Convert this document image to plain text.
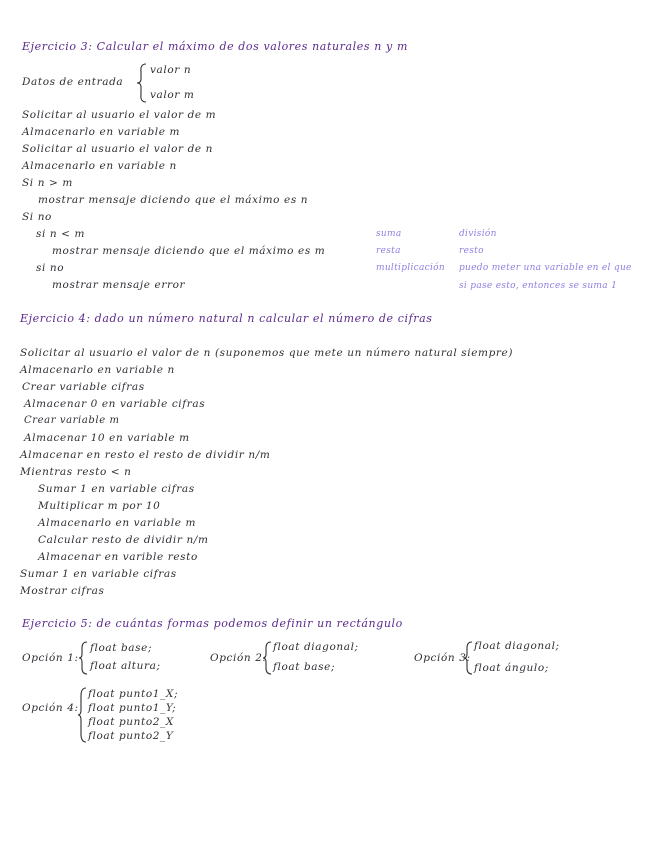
Ejercicio 3: Calcular el máximo de dos valores naturales n y m
Datos de entrada
valor n
valor m
Solicitar al usuario el valor de m
Almacenarlo en variable m
Solicitar al usuario el valor de n
Almacenarlo en variable n
Si n > m
mostrar mensaje diciendo que el máximo es n
Si no
si n < m
mostrar mensaje diciendo que el máximo es m
si no
mostrar mensaje error
suma
resta
multiplicación
división
resto
puedo meter una variable en el que
si pase esto, entonces se suma 1
Ejercicio 4: dado un número natural n calcular el número de cifras
Solicitar al usuario el valor de n (suponemos que mete un número natural siempre)
Almacenarlo en variable n
Crear variable cifras
Almacenar 0 en variable cifras
Crear variable m
Almacenar 10 en variable m
Almacenar en resto el resto de dividir n/m
Mientras resto < n
Sumar 1 en variable cifras
Multiplicar m por 10
Almacenarlo en variable m
Calcular resto de dividir n/m
Almacenar en varible resto
Sumar 1 en variable cifras
Mostrar cifras
Ejercicio 5: de cuántas formas podemos definir un rectángulo
Opción 1:
float base;
float altura;
Opción 2:
float diagonal;
float base;
Opción 3:
float diagonal;
float ángulo;
Opción 4:
float punto1_X;
float punto1_Y;
float punto2_X
float punto2_Y
